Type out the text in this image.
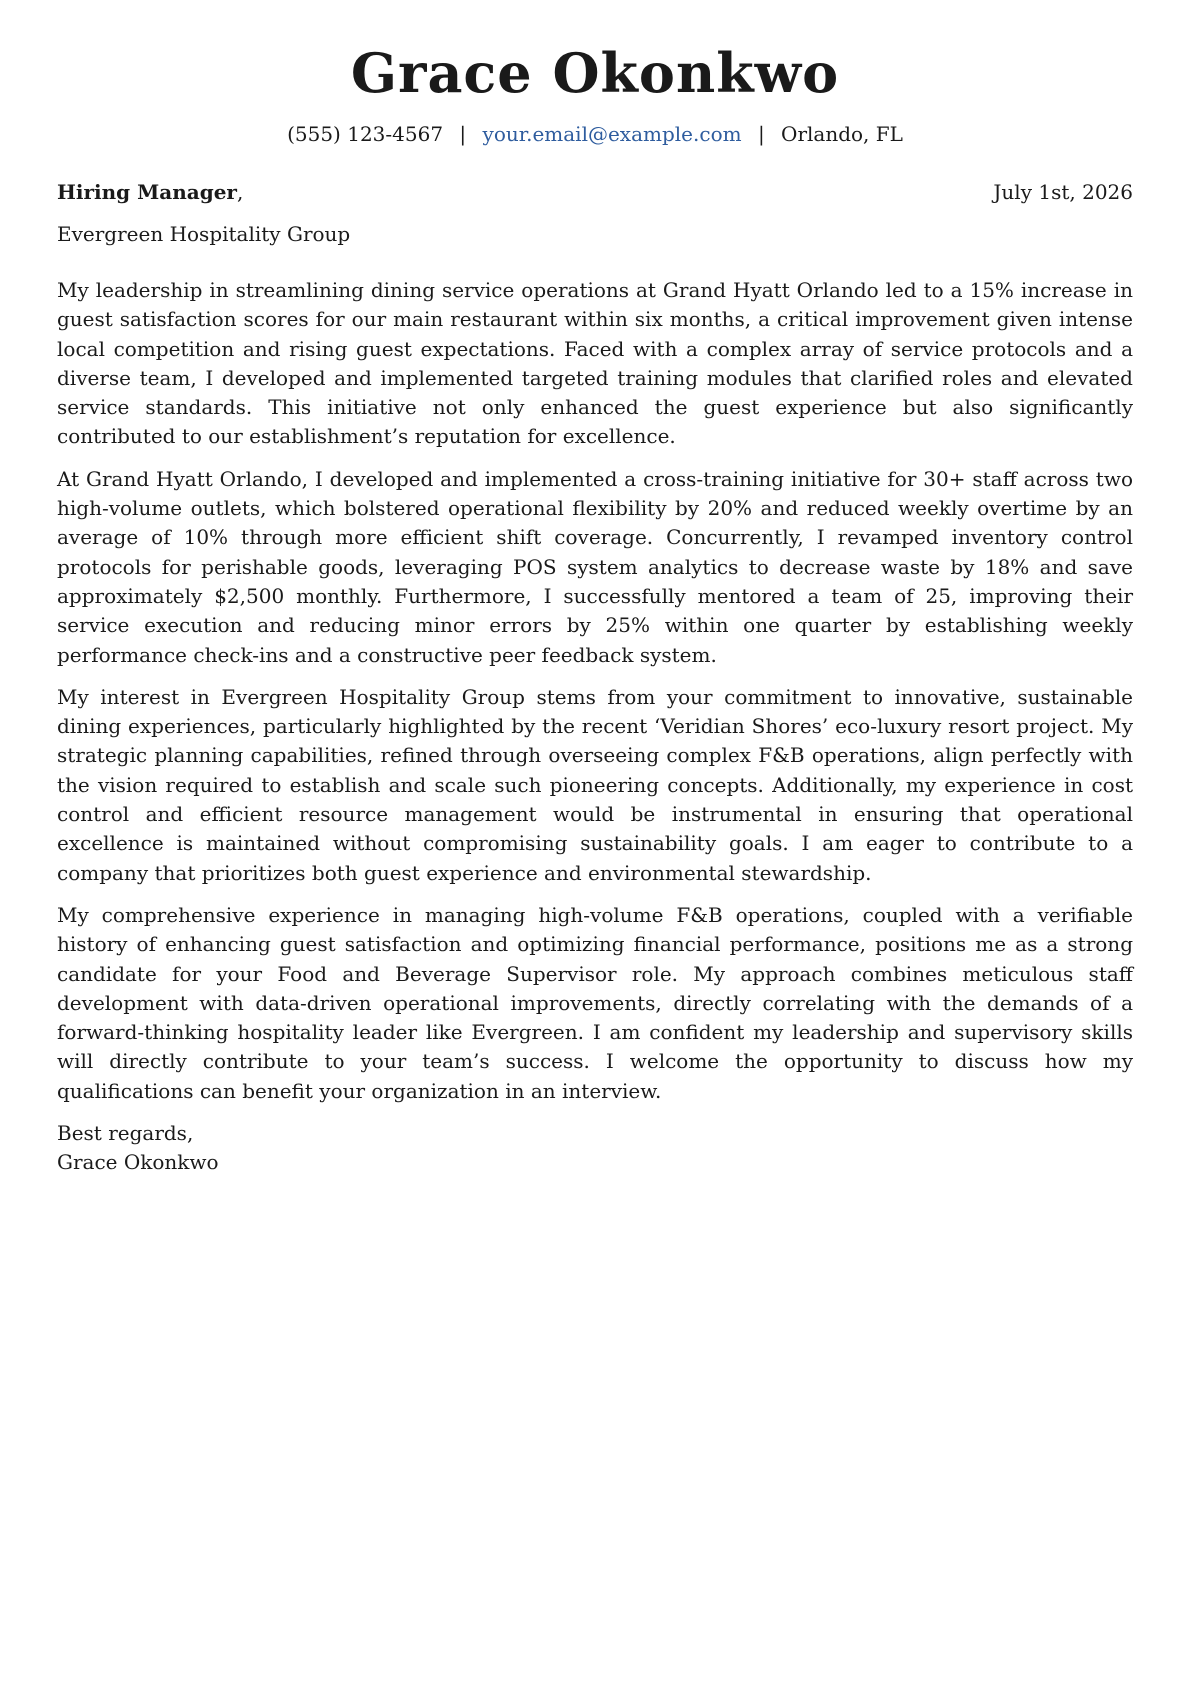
Grace Okonkwo
(555) 123-4567 | your.email@example.com | Orlando, FL
Hiring Manager,	July 1st, 2026
Evergreen Hospitality Group

My leadership in streamlining dining service operations at Grand Hyatt Orlando led to a 15% increase in guest satisfaction scores for our main restaurant within six months, a critical improvement given intense local competition and rising guest expectations. Faced with a complex array of service protocols and a diverse team, I developed and implemented targeted training modules that clarified roles and elevated service standards. This initiative not only enhanced the guest experience but also significantly contributed to our establishment’s reputation for excellence.

At Grand Hyatt Orlando, I developed and implemented a cross-training initiative for 30+ staff across two high-volume outlets, which bolstered operational flexibility by 20% and reduced weekly overtime by an average of 10% through more efficient shift coverage. Concurrently, I revamped inventory control protocols for perishable goods, leveraging POS system analytics to decrease waste by 18% and save approximately $2,500 monthly. Furthermore, I successfully mentored a team of 25, improving their service execution and reducing minor errors by 25% within one quarter by establishing weekly performance check-ins and a constructive peer feedback system.

My interest in Evergreen Hospitality Group stems from your commitment to innovative, sustainable dining experiences, particularly highlighted by the recent ‘Veridian Shores’ eco-luxury resort project. My strategic planning capabilities, refined through overseeing complex F&B operations, align perfectly with the vision required to establish and scale such pioneering concepts. Additionally, my experience in cost control and efficient resource management would be instrumental in ensuring that operational excellence is maintained without compromising sustainability goals. I am eager to contribute to a company that prioritizes both guest experience and environmental stewardship.

My comprehensive experience in managing high-volume F&B operations, coupled with a verifiable history of enhancing guest satisfaction and optimizing financial performance, positions me as a strong candidate for your Food and Beverage Supervisor role. My approach combines meticulous staff development with data-driven operational improvements, directly correlating with the demands of a forward-thinking hospitality leader like Evergreen. I am confident my leadership and supervisory skills will directly contribute to your team’s success. I welcome the opportunity to discuss how my qualifications can benefit your organization in an interview.

Best regards,
Grace Okonkwo
